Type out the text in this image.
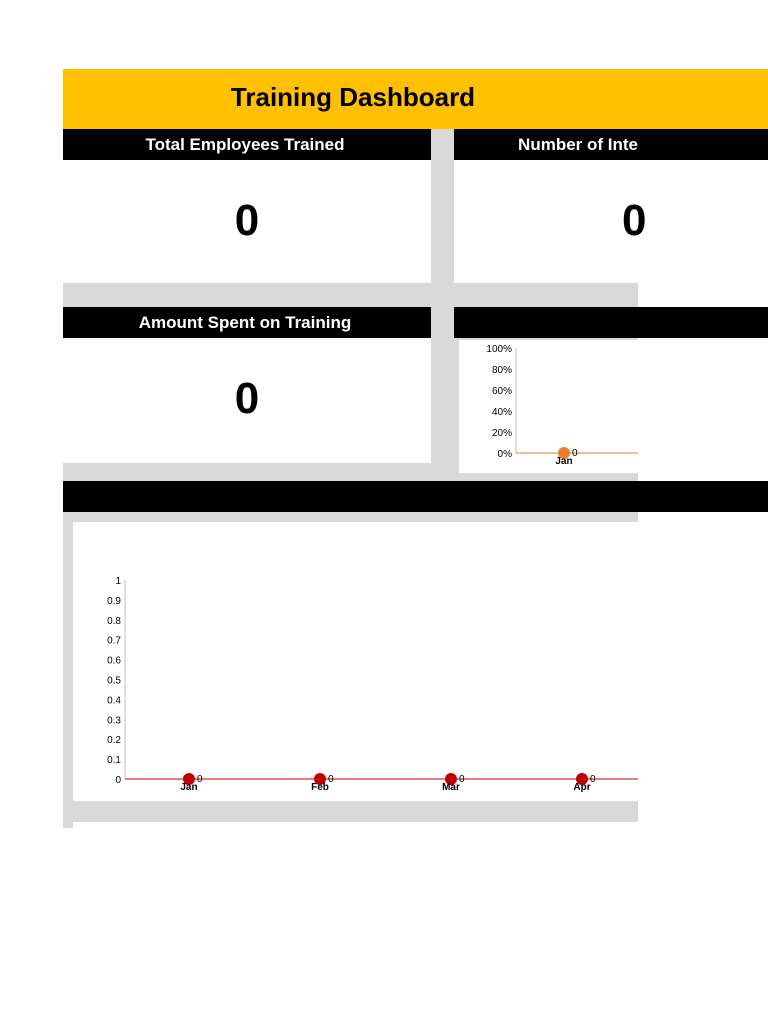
Training Dashboard
Total Employees Trained
0
Number of Inte
0
Amount Spent on Training
0
100%
80%
60%
40%
20%
0%	0
Jan
1
0.9
0.8
0.7
0.6
0.5
0.4
0.3
0.2
0.1
0	0
Jan
0
Feb
0
Mar
0
Apr
